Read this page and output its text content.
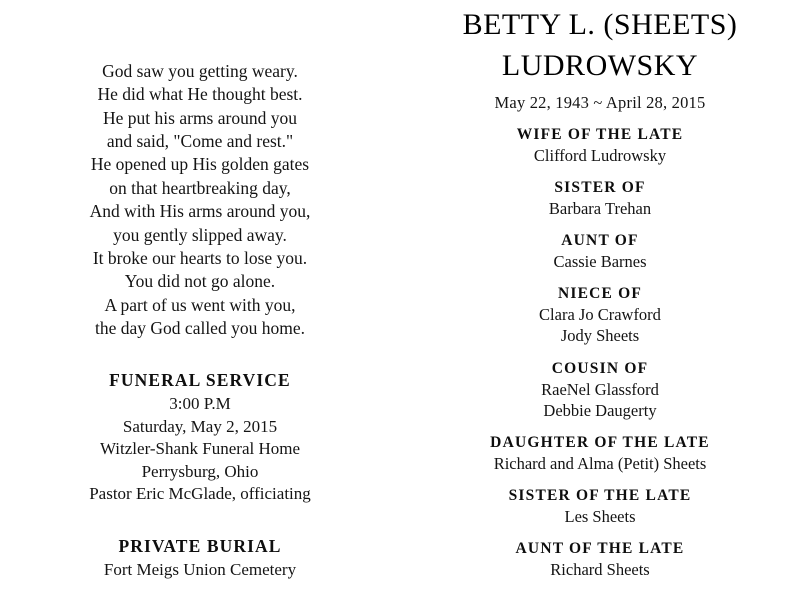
God saw you getting weary.
He did what He thought best.
He put his arms around you
and said, "Come and rest."
He opened up His golden gates
on that heartbreaking day,
And with His arms around you,
you gently slipped away.
It broke our hearts to lose you.
You did not go alone.
A part of us went with you,
the day God called you home.
FUNERAL SERVICE
3:00 P.M
Saturday, May 2, 2015
Witzler-Shank Funeral Home
Perrysburg, Ohio
Pastor Eric McGlade, officiating
PRIVATE BURIAL
Fort Meigs Union Cemetery
BETTY L. (SHEETS)
LUDROWSKY
May 22, 1943 ~ April 28, 2015
WIFE OF THE LATE
Clifford Ludrowsky
SISTER OF
Barbara Trehan
AUNT OF
Cassie Barnes
NIECE OF
Clara Jo Crawford
Jody Sheets
COUSIN OF
RaeNel Glassford
Debbie Daugerty
DAUGHTER OF THE LATE
Richard and Alma (Petit) Sheets
SISTER OF THE LATE
Les Sheets
AUNT OF THE LATE
Richard Sheets
